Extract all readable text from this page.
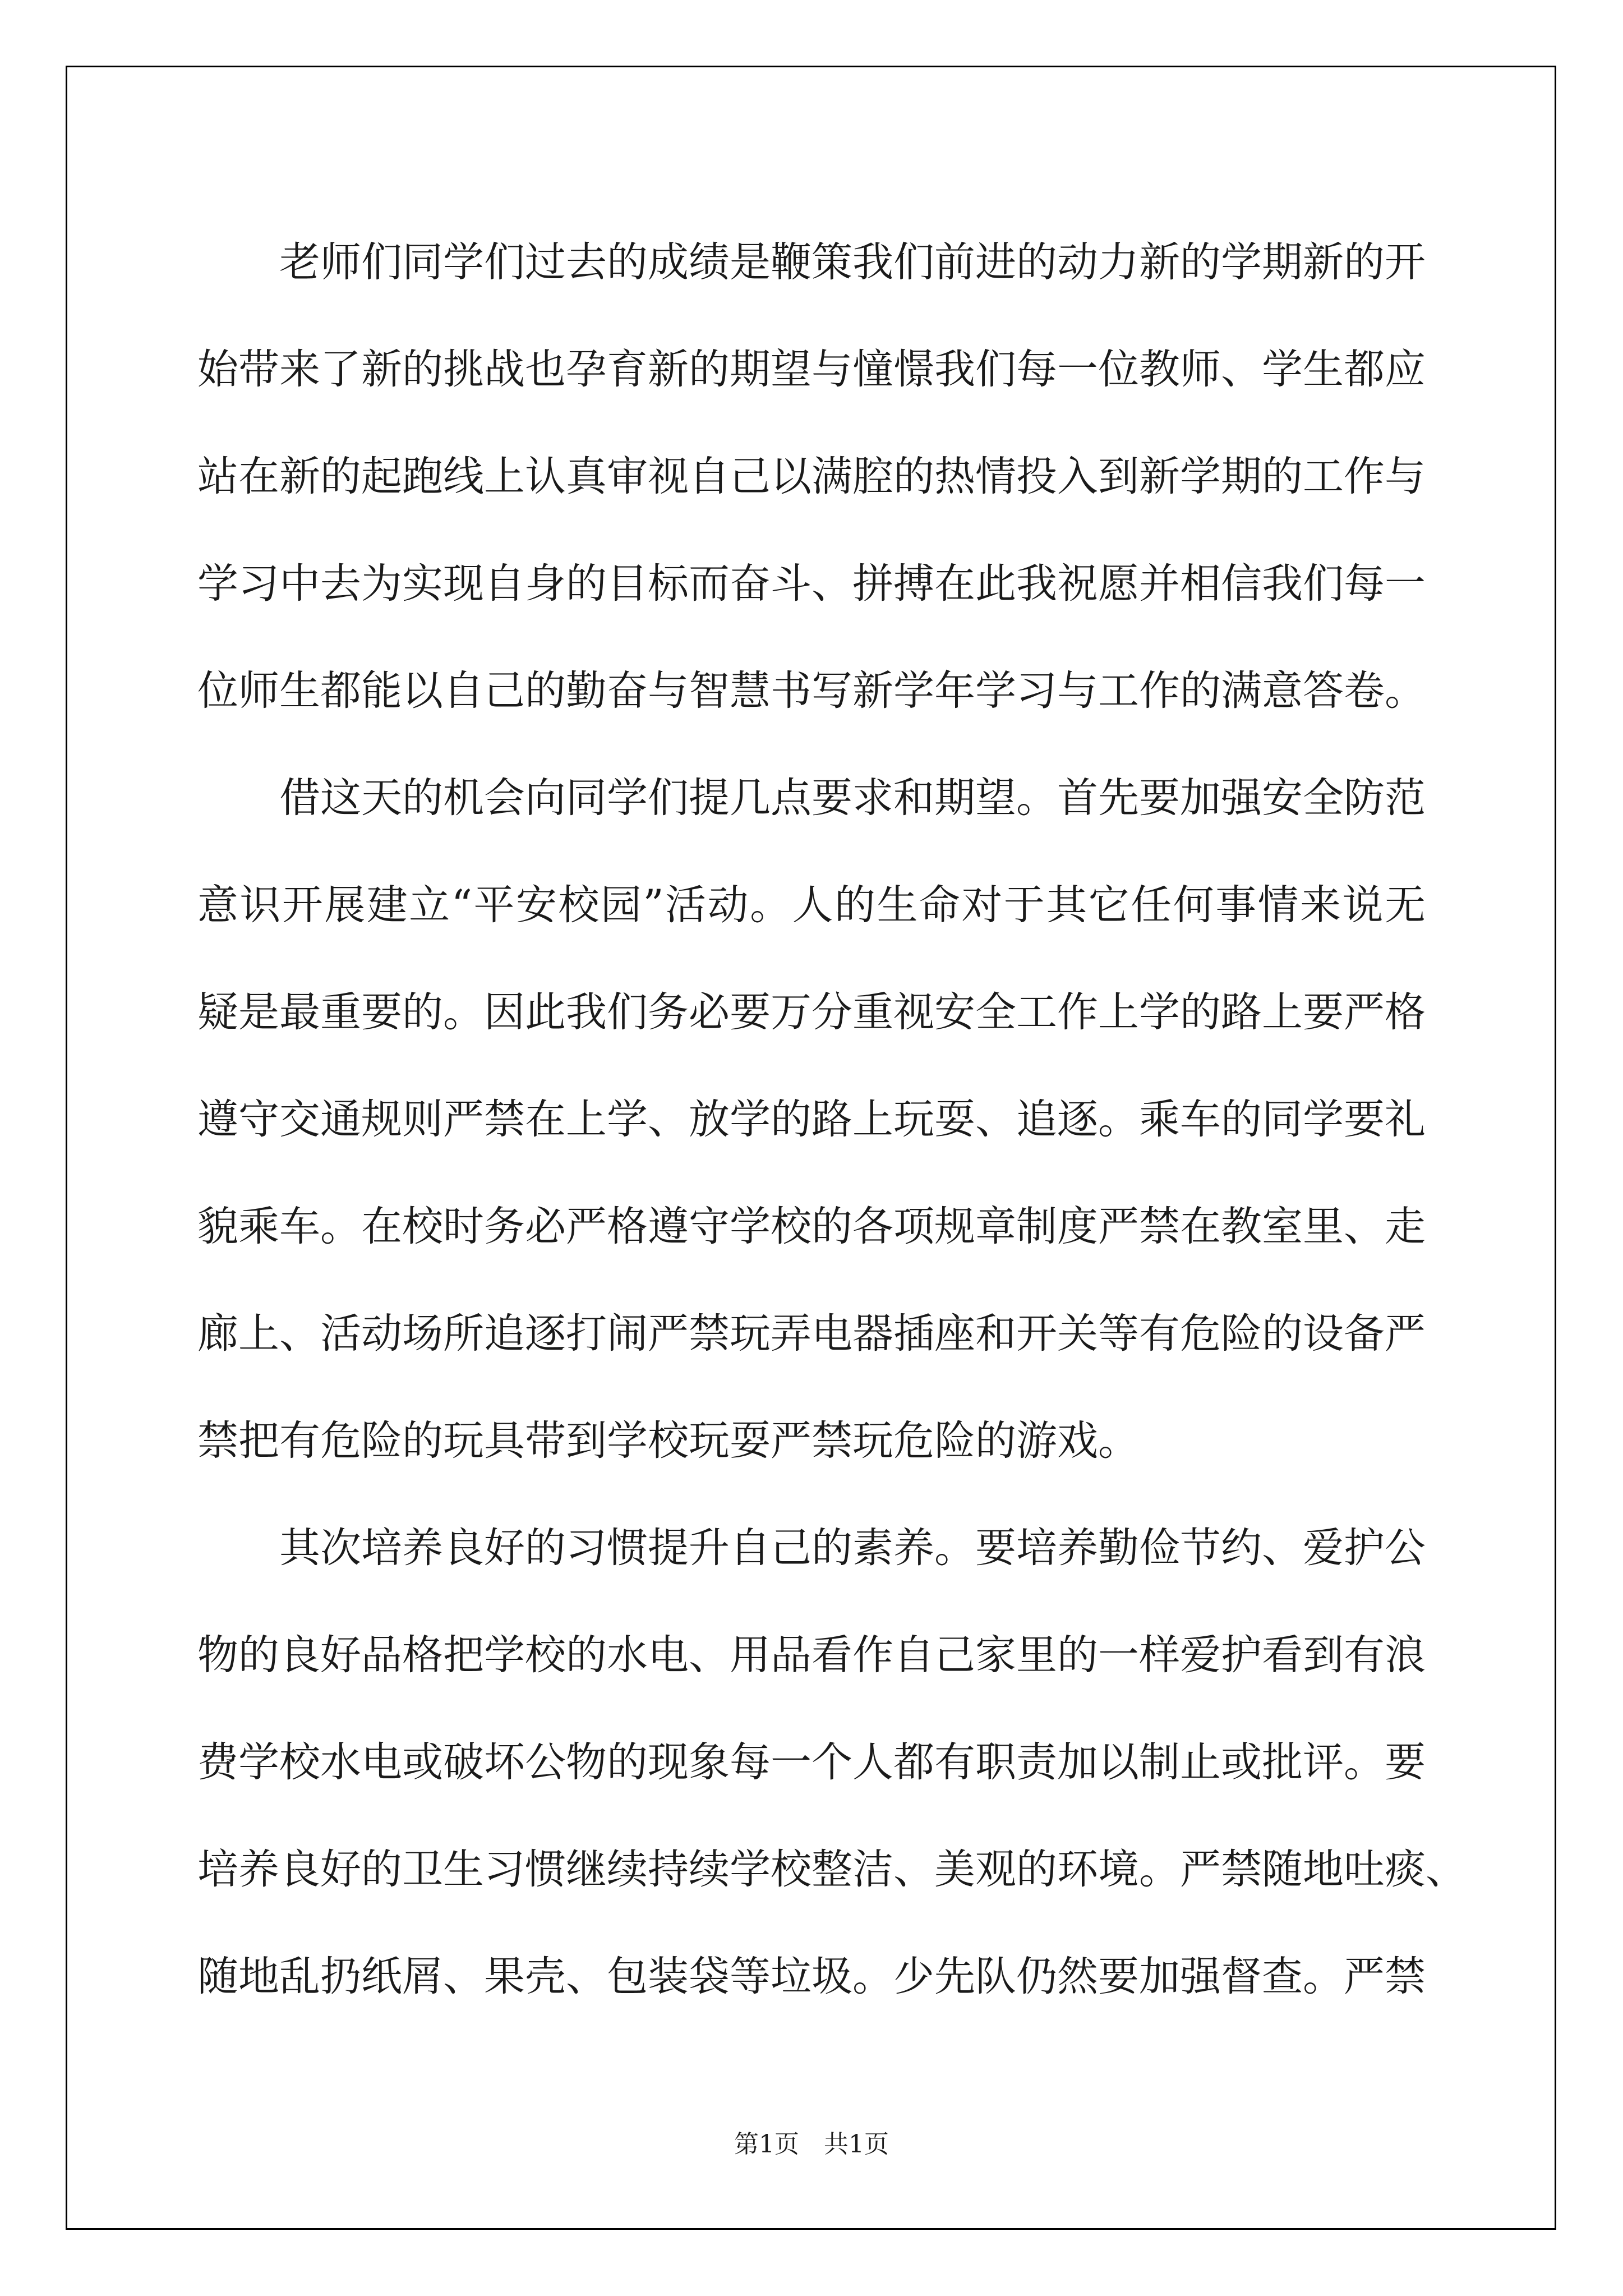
老师们同学们过去的成绩是鞭策我们前进的动力新的学期新的开
始带来了新的挑战也孕育新的期望与憧憬我们每一位教师、学生都应
站在新的起跑线上认真审视自己以满腔的热情投入到新学期的工作与
学习中去为实现自身的目标而奋斗、拼搏在此我祝愿并相信我们每一
位师生都能以自己的勤奋与智慧书写新学年学习与工作的满意答卷。
借这天的机会向同学们提几点要求和期望。首先要加强安全防范
意识开展建立“平安校园”活动。人的生命对于其它任何事情来说无
疑是最重要的。因此我们务必要万分重视安全工作上学的路上要严格
遵守交通规则严禁在上学、放学的路上玩耍、追逐。乘车的同学要礼
貌乘车。在校时务必严格遵守学校的各项规章制度严禁在教室里、走
廊上、活动场所追逐打闹严禁玩弄电器插座和开关等有危险的设备严
禁把有危险的玩具带到学校玩耍严禁玩危险的游戏。
其次培养良好的习惯提升自己的素养。要培养勤俭节约、爱护公
物的良好品格把学校的水电、用品看作自己家里的一样爱护看到有浪
费学校水电或破坏公物的现象每一个人都有职责加以制止或批评。要
培养良好的卫生习惯继续持续学校整洁、美观的环境。严禁随地吐痰、
随地乱扔纸屑、果壳、包装袋等垃圾。少先队仍然要加强督查。严禁
第1页　共1页
